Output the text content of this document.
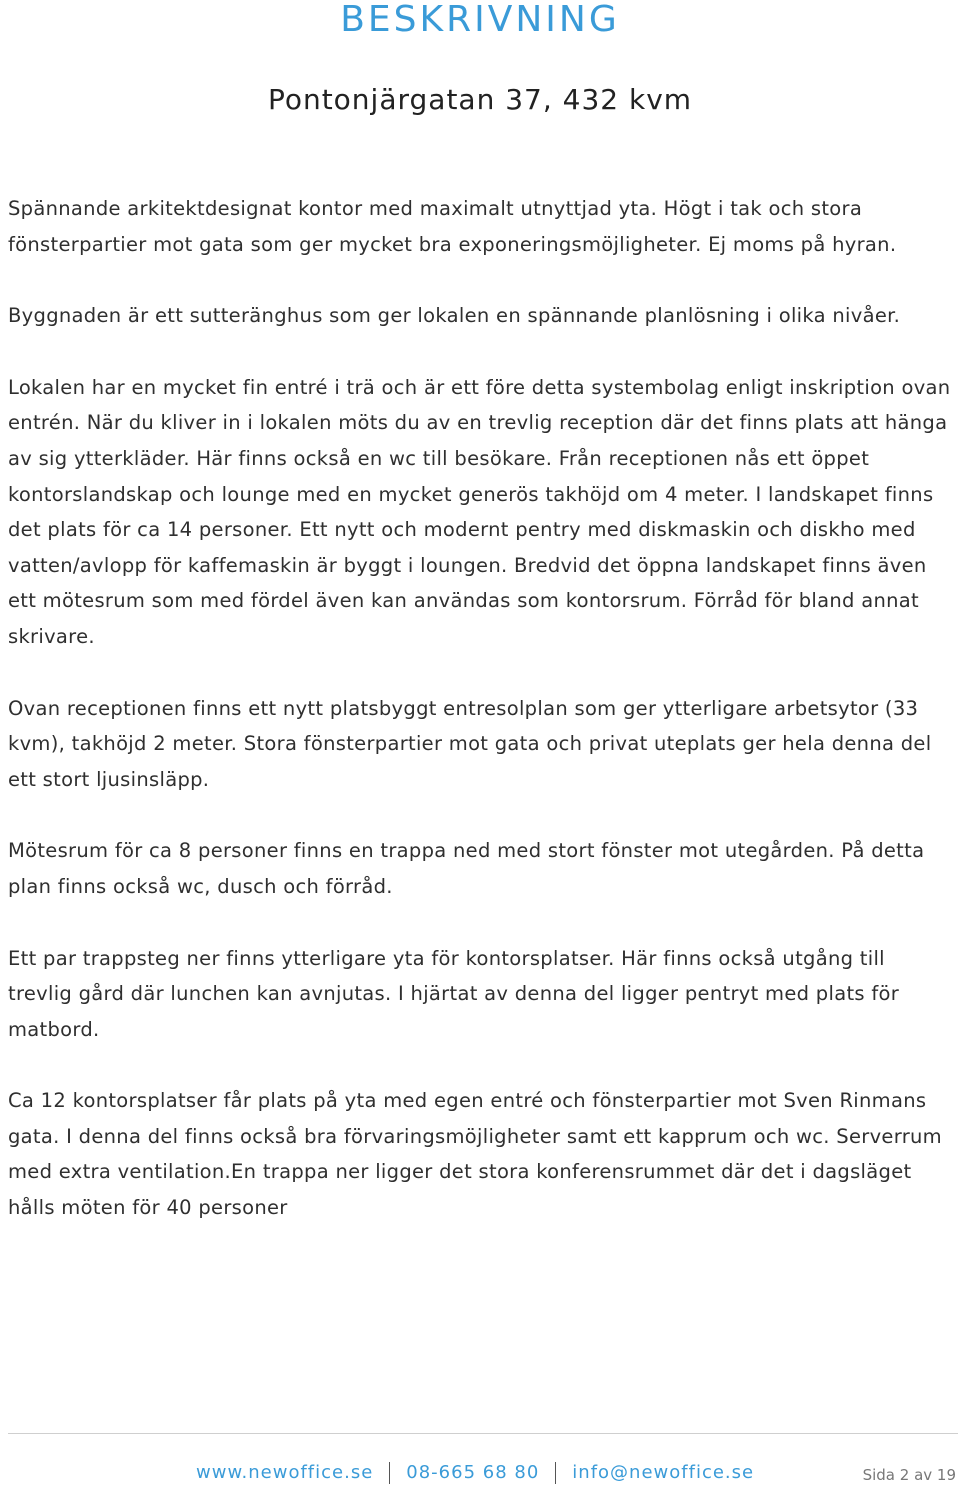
BESKRIVNING
Pontonjärgatan 37, 432 kvm

Spännande arkitektdesignat kontor med maximalt utnyttjad yta. Högt i tak och stora fönsterpartier mot gata som ger mycket bra exponeringsmöjligheter. Ej moms på hyran.

Byggnaden är ett sutteränghus som ger lokalen en spännande planlösning i olika nivåer.

Lokalen har en mycket fin entré i trä och är ett före detta systembolag enligt inskription ovan entrén. När du kliver in i lokalen möts du av en trevlig reception där det finns plats att hänga av sig ytterkläder. Här finns också en wc till besökare. Från receptionen nås ett öppet kontorslandskap och lounge med en mycket generös takhöjd om 4 meter. I landskapet finns det plats för ca 14 personer. Ett nytt och modernt pentry med diskmaskin och diskho med vatten/avlopp för kaffemaskin är byggt i loungen. Bredvid det öppna landskapet finns även ett mötesrum som med fördel även kan användas som kontorsrum. Förråd för bland annat skrivare.

Ovan receptionen finns ett nytt platsbyggt entresolplan som ger ytterligare arbetsytor (33 kvm), takhöjd 2 meter. Stora fönsterpartier mot gata och privat uteplats ger hela denna del ett stort ljusinsläpp.

Mötesrum för ca 8 personer finns en trappa ned med stort fönster mot utegården. På detta plan finns också wc, dusch och förråd.

Ett par trappsteg ner finns ytterligare yta för kontorsplatser. Här finns också utgång till trevlig gård där lunchen kan avnjutas. I hjärtat av denna del ligger pentryt med plats för matbord.

Ca 12 kontorsplatser får plats på yta med egen entré och fönsterpartier mot Sven Rinmans gata. I denna del finns också bra förvaringsmöjligheter samt ett kapprum och wc. Serverrum med extra ventilation.En trappa ner ligger det stora konferensrummet där det i dagsläget hålls möten för 40 personer

www.newoffice.se 08-665 68 80 info@newoffice.se	Sida 2 av 19
